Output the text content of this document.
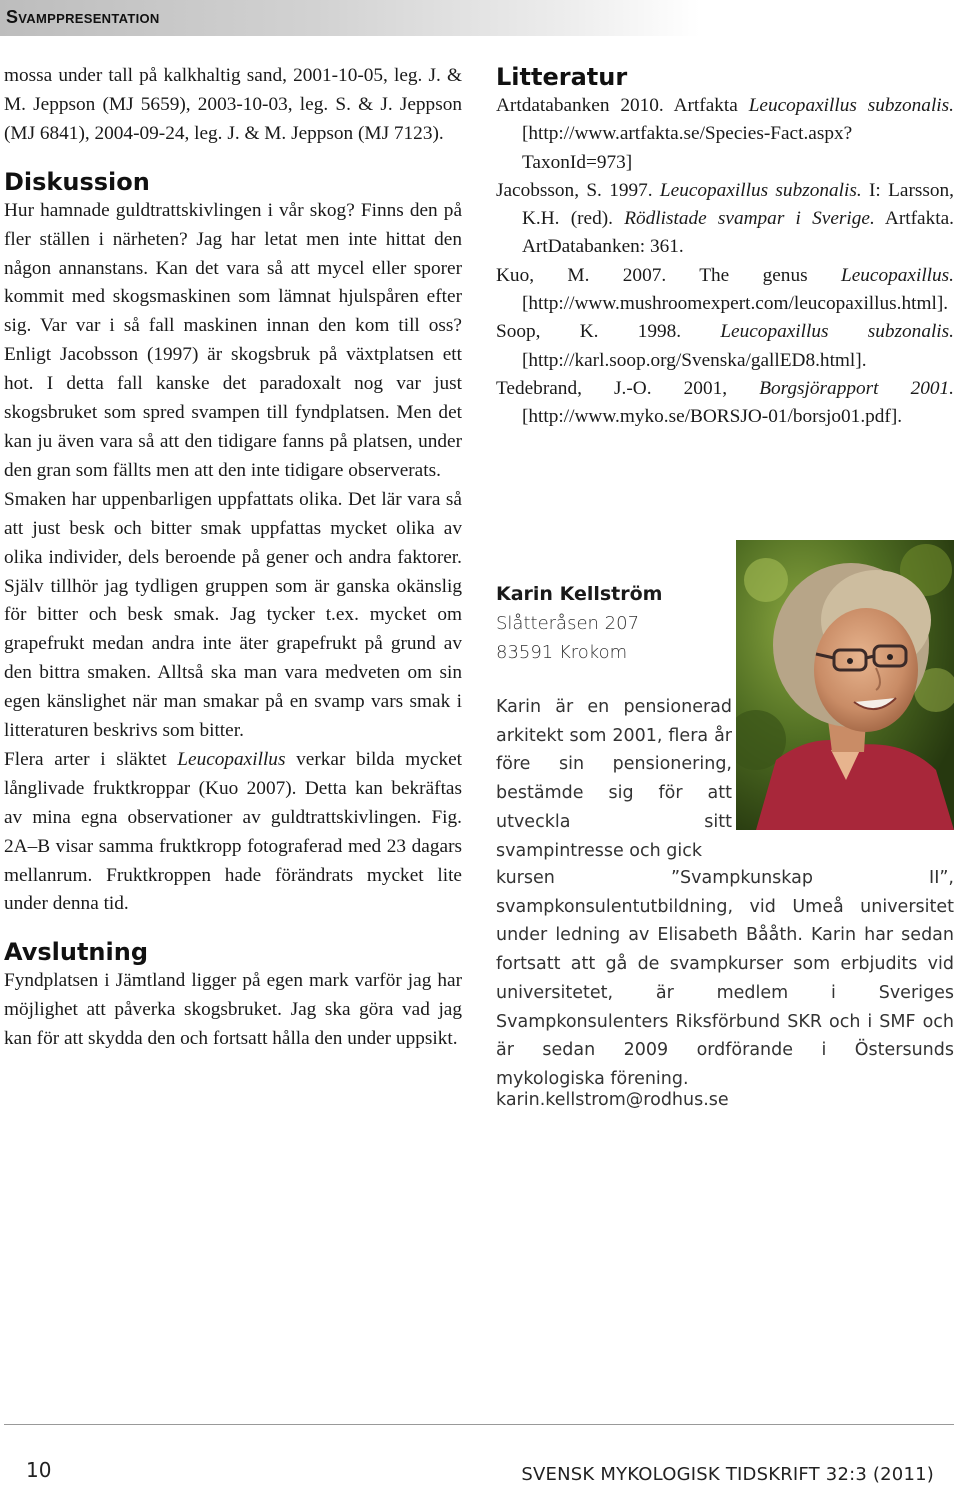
Svamppresentation

mossa under tall på kalkhaltig sand, 2001-10-05, leg. J. & M. Jeppson (MJ 5659), 2003-10-03, leg. S. & J. Jeppson (MJ 6841), 2004-09-24, leg. J. & M. Jeppson (MJ 7123).

Diskussion

Hur hamnade guldtrattskivlingen i vår skog? Finns den på fler ställen i närheten? Jag har letat men inte hittat den någon annanstans. Kan det vara så att mycel eller sporer kommit med skogsmaskinen som lämnat hjulspåren efter sig. Var var i så fall maskinen innan den kom till oss? Enligt Jacobsson (1997) är skogsbruk på växtplatsen ett hot. I detta fall kanske det paradoxalt nog var just skogsbruket som spred svampen till fyndplatsen. Men det kan ju även vara så att den tidigare fanns på platsen, under den gran som fällts men att den inte tidigare observerats.

Smaken har uppenbarligen uppfattats olika. Det lär vara så att just besk och bitter smak uppfattas mycket olika av olika individer, dels beroende på gener och andra faktorer. Själv tillhör jag tydligen gruppen som är ganska okänslig för bitter och besk smak. Jag tycker t.ex. mycket om grapefrukt medan andra inte äter grapefrukt på grund av den bittra smaken. Alltså ska man vara medveten om sin egen känslighet när man smakar på en svamp vars smak i litteraturen beskrivs som bitter.

Flera arter i släktet Leucopaxillus verkar bilda mycket långlivade fruktkroppar (Kuo 2007). Detta kan bekräftas av mina egna observationer av guldtrattskivlingen. Fig. 2A–B visar samma fruktkropp fotograferad med 23 dagars mellanrum. Fruktkroppen hade förändrats mycket lite under denna tid.

Avslutning

Fyndplatsen i Jämtland ligger på egen mark varför jag har möjlighet att påverka skogsbruket. Jag ska göra vad jag kan för att skydda den och fortsatt hålla den under uppsikt.

Litteratur

Artdatabanken 2010. Artfakta Leucopaxillus subzonalis. [http://www.artfakta.se/Species-Fact.aspx?TaxonId=973]

Jacobsson, S. 1997. Leucopaxillus subzonalis. I: Larsson, K.H. (red). Rödlistade svampar i Sverige. Artfakta. ArtDatabanken: 361.

Kuo, M. 2007. The genus Leucopaxillus. [http://www.mushroomexpert.com/leucopaxillus.html].

Soop, K. 1998. Leucopaxillus subzonalis. [http://karl.soop.org/Svenska/gallED8.html].

Tedebrand, J.-O. 2001, Borgsjörapport 2001. [http://www.myko.se/BORSJO-01/borsjo01.pdf].

Karin Kellström
Slåtteråsen 207
83591 Krokom

Karin är en pensionerad arkitekt som 2001, flera år före sin pensionering, bestämde sig för att utveckla sitt svampintresse och gick

kursen ”Svampkunskap II”, svampkonsulentutbildning, vid Umeå universitet under ledning av Elisabeth Bååth. Karin har sedan fortsatt att gå de svampkurser som erbjudits vid universitetet, är medlem i Sveriges Svampkonsulenters Riksförbund SKR och i SMF och är sedan 2009 ordförande i Östersunds mykologiska förening.

karin.kellstrom@rodhus.se
10	SVENSK MYKOLOGISK TIDSKRIFT 32:3 (2011)
